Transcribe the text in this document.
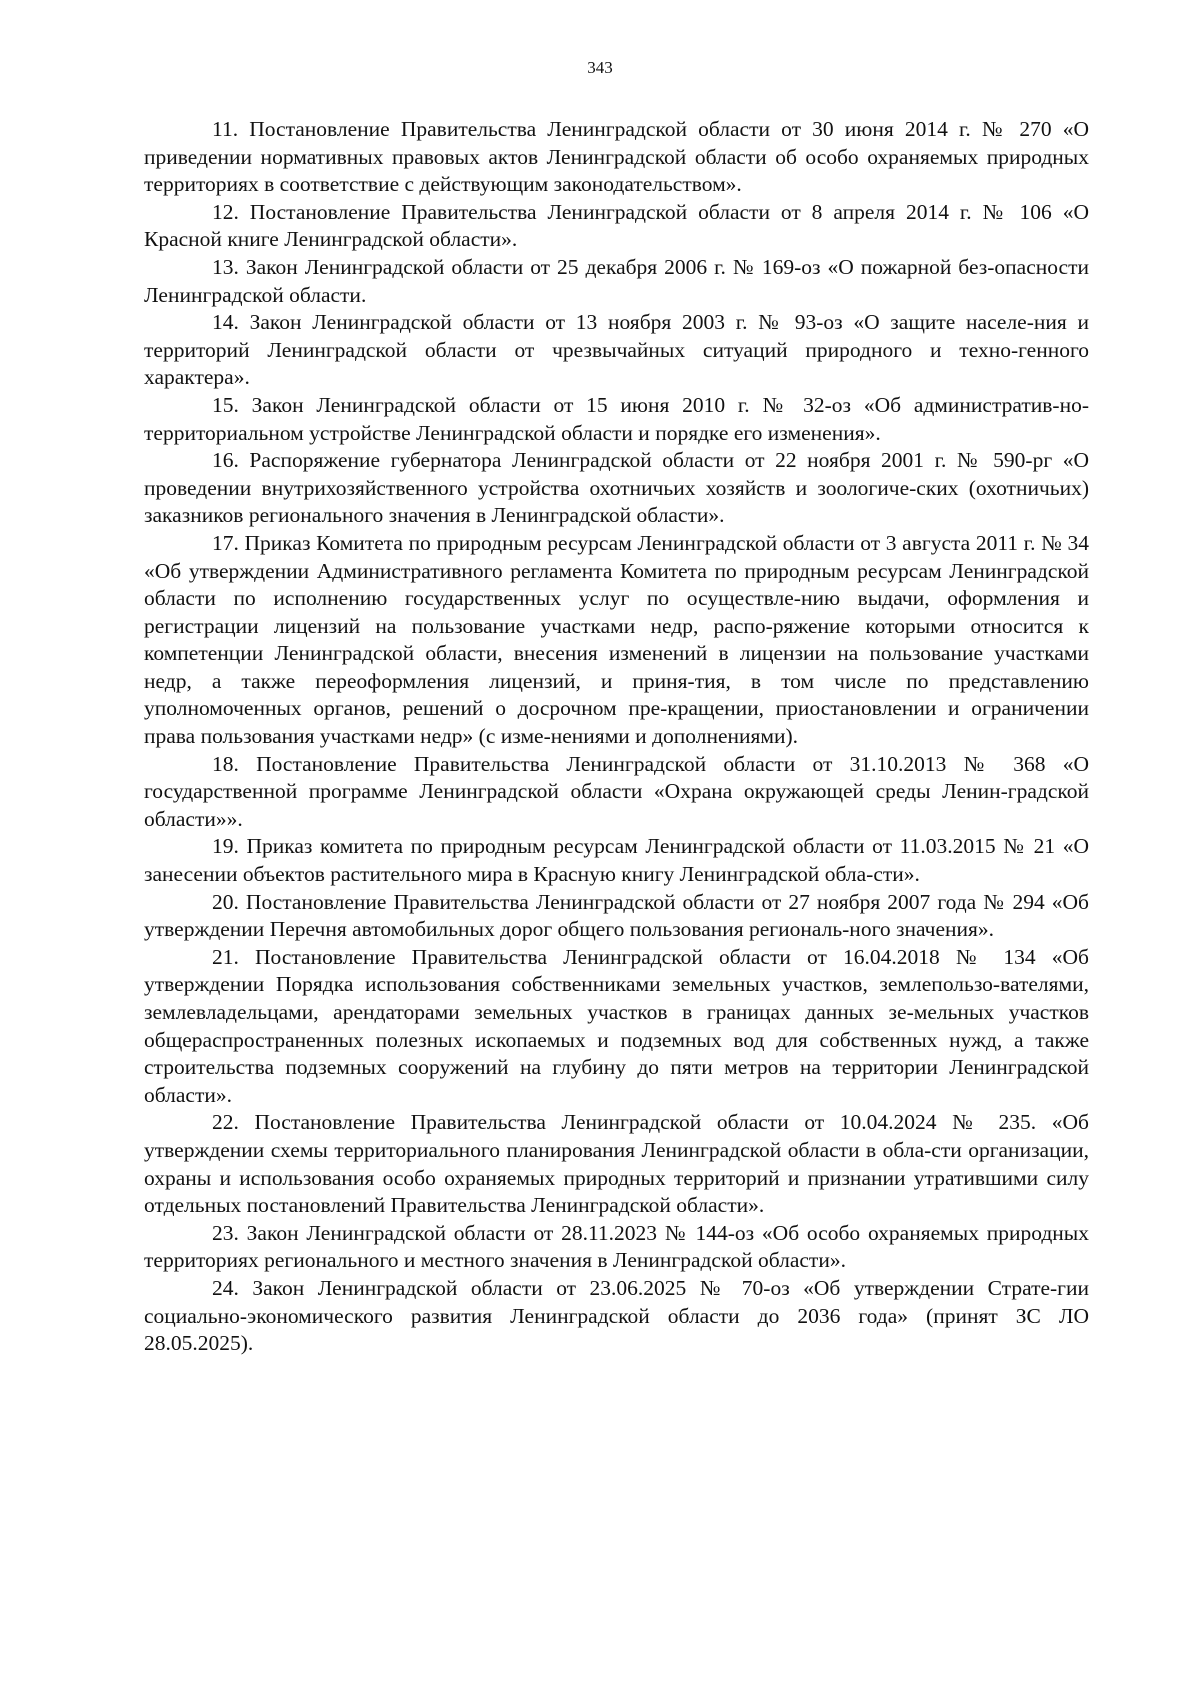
343

11. Постановление Правительства Ленинградской области от 30 июня 2014 г. № 270 «О приведении нормативных правовых актов Ленинградской области об особо охраняемых природных территориях в соответствие с действующим законодательством».

12. Постановление Правительства Ленинградской области от 8 апреля 2014 г. № 106 «О Красной книге Ленинградской области».

13. Закон Ленинградской области от 25 декабря 2006 г. № 169-оз «О пожарной без-опасности Ленинградской области.

14. Закон Ленинградской области от 13 ноября 2003 г. № 93-оз «О защите населе-ния и территорий Ленинградской области от чрезвычайных ситуаций природного и техно-генного характера».

15. Закон Ленинградской области от 15 июня 2010 г. № 32-оз «Об административ-но-территориальном устройстве Ленинградской области и порядке его изменения».

16. Распоряжение губернатора Ленинградской области от 22 ноября 2001 г. № 590-рг «О проведении внутрихозяйственного устройства охотничьих хозяйств и зоологиче-ских (охотничьих) заказников регионального значения в Ленинградской области».

17. Приказ Комитета по природным ресурсам Ленинградской области от 3 августа 2011 г. № 34 «Об утверждении Административного регламента Комитета по природным ресурсам Ленинградской области по исполнению государственных услуг по осуществле-нию выдачи, оформления и регистрации лицензий на пользование участками недр, распо-ряжение которыми относится к компетенции Ленинградской области, внесения изменений в лицензии на пользование участками недр, а также переоформления лицензий, и приня-тия, в том числе по представлению уполномоченных органов, решений о досрочном пре-кращении, приостановлении и ограничении права пользования участками недр» (с изме-нениями и дополнениями).

18. Постановление Правительства Ленинградской области от 31.10.2013 № 368 «О государственной программе Ленинградской области «Охрана окружающей среды Ленин-градской области»».

19. Приказ комитета по природным ресурсам Ленинградской области от 11.03.2015 № 21 «О занесении объектов растительного мира в Красную книгу Ленинградской обла-сти».

20. Постановление Правительства Ленинградской области от 27 ноября 2007 года № 294 «Об утверждении Перечня автомобильных дорог общего пользования региональ-ного значения».

21. Постановление Правительства Ленинградской области от 16.04.2018 № 134 «Об утверждении Порядка использования собственниками земельных участков, землепользо-вателями, землевладельцами, арендаторами земельных участков в границах данных зе-мельных участков общераспространенных полезных ископаемых и подземных вод для собственных нужд, а также строительства подземных сооружений на глубину до пяти метров на территории Ленинградской области».

22. Постановление Правительства Ленинградской области от 10.04.2024 № 235. «Об утверждении схемы территориального планирования Ленинградской области в обла-сти организации, охраны и использования особо охраняемых природных территорий и признании утратившими силу отдельных постановлений Правительства Ленинградской области».

23. Закон Ленинградской области от 28.11.2023 № 144-оз «Об особо охраняемых природных территориях регионального и местного значения в Ленинградской области».

24. Закон Ленинградской области от 23.06.2025 № 70-оз «Об утверждении Страте-гии социально-экономического развития Ленинградской области до 2036 года» (принят ЗС ЛО 28.05.2025).
